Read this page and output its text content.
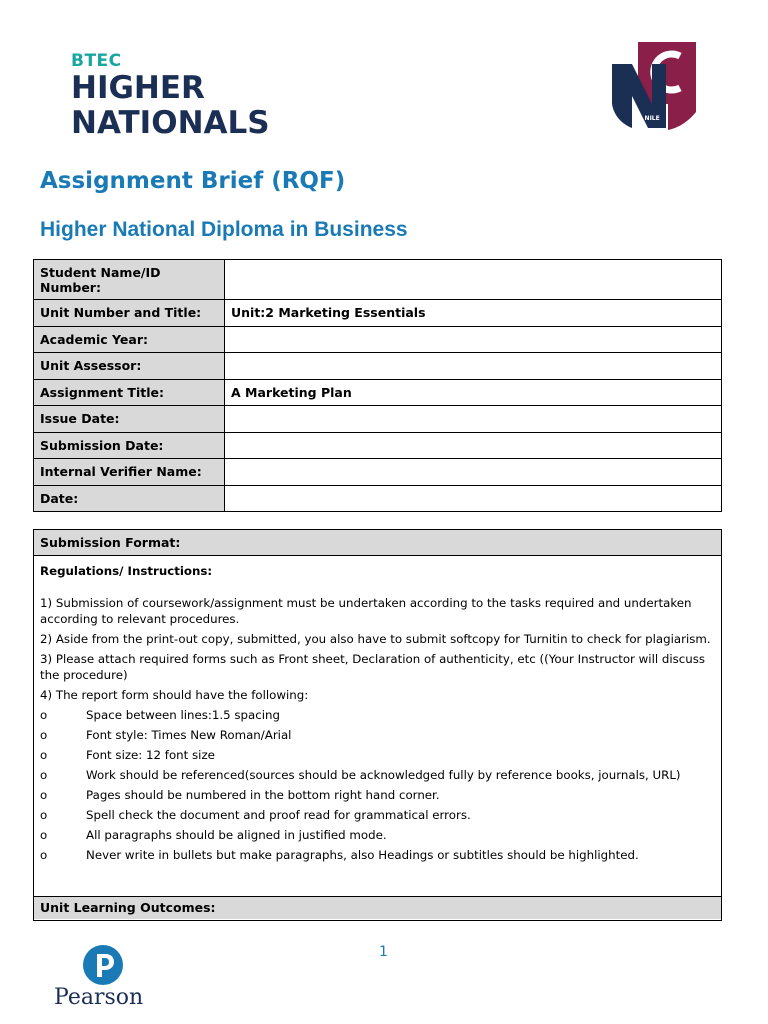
BTEC
HIGHER
NATIONALS	AL NILE
Assignment Brief (RQF)
Higher National Diploma in Business
Student Name/ID Number:	
Unit Number and Title:	Unit:2 Marketing Essentials
Academic Year:	
Unit Assessor:	
Assignment Title:	A Marketing Plan
Issue Date:	
Submission Date:	
Internal Verifier Name:	
Date:	
Submission Format:
Regulations/ Instructions:
1) Submission of coursework/assignment must be undertaken according to the tasks required and undertaken according to relevant procedures.
2) Aside from the print-out copy, submitted, you also have to submit softcopy for Turnitin to check for plagiarism.
3) Please attach required forms such as Front sheet, Declaration of authenticity, etc ((Your Instructor will discuss the procedure)
4) The report form should have the following:
o	Space between lines:1.5 spacing
o	Font style: Times New Roman/Arial
o	Font size: 12 font size
o	Work should be referenced(sources should be acknowledged fully by reference books, journals, URL)
o	Pages should be numbered in the bottom right hand corner.
o	Spell check the document and proof read for grammatical errors.
o	All paragraphs should be aligned in justified mode.
o	Never write in bullets but make paragraphs, also Headings or subtitles should be highlighted.
Unit Learning Outcomes:
1
Pearson
